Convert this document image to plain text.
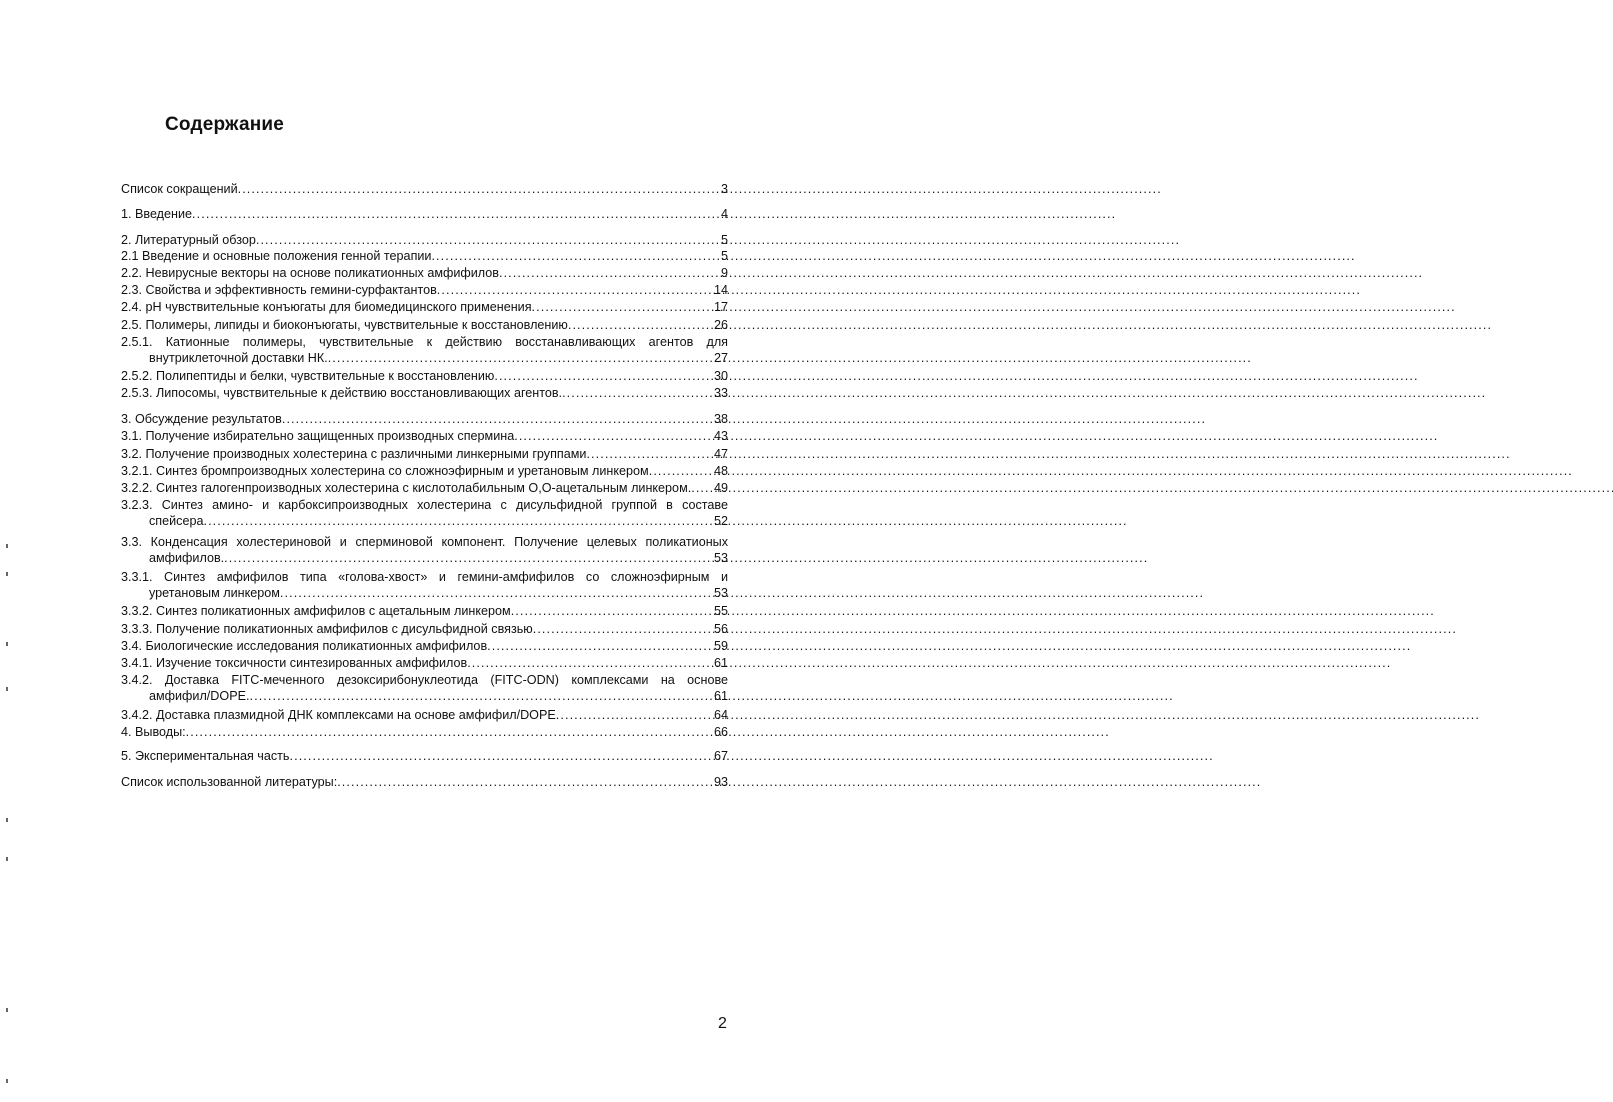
Содержание
Список сокращений . . .	3
1. Введение . . .	4
2. Литературный обзор . . .	5
2.1 Введение и основные положения генной терапии . . .	5
2.2. Невирусные векторы на основе поликатионных амфифилов . . .	9
2.3. Свойства и эффективность гемини-сурфактантов . . .	14
2.4. pH чувствительные конъюгаты для биомедицинского применения . . .	17
2.5. Полимеры, липиды и биоконъюгаты, чувствительные к восстановлению . . .	26
2.5.1. Катионные полимеры, чувствительные к действию восстанавливающих агентов для
внутриклеточной доставки НК. . . .	27
2.5.2. Полипептиды и белки, чувствительные к восстановлению . . .	30
2.5.3. Липосомы, чувствительные к действию восстановливающих агентов. . . .	33
3. Обсуждение результатов . . .	38
3.1. Получение избирательно защищенных производных спермина . . .	43
3.2. Получение производных холестерина с различными линкерными группами . . .	47
3.2.1. Синтез бромпроизводных холестерина со сложноэфирным и уретановым линкером . . .	48
3.2.2. Синтез галогенпроизводных холестерина с кислотолабильным O,O-ацетальным линкером. . . . 49
3.2.3. Синтез амино- и карбоксипроизводных холестерина с дисульфидной группой в составе
спейсера . . .	52
3.3. Конденсация холестериновой и сперминовой компонент. Получение целевых поликатионых
амфифилов. . . .	53
3.3.1. Синтез амфифилов типа «голова-хвост» и гемини-амфифилов со сложноэфирным и
уретановым линкером . . .	53
3.3.2. Синтез поликатионных амфифилов с ацетальным линкером . . .	55
3.3.3. Получение поликатионных амфифилов с дисульфидной связью . . .	56
3.4. Биологические исследования поликатионных амфифилов . . .	59
3.4.1. Изучение токсичности синтезированных амфифилов . . .	61
3.4.2. Доставка FITC-меченного дезоксирибонуклеотида (FITC-ODN) комплексами на основе
амфифил/DOPE. . . .	61
3.4.2. Доставка плазмидной ДНК комплексами на основе амфифил/DOPE . . .	64
4. Выводы: . . .	66
5. Экспериментальная часть . . .	67
Список использованной литературы: . . .	93
2
